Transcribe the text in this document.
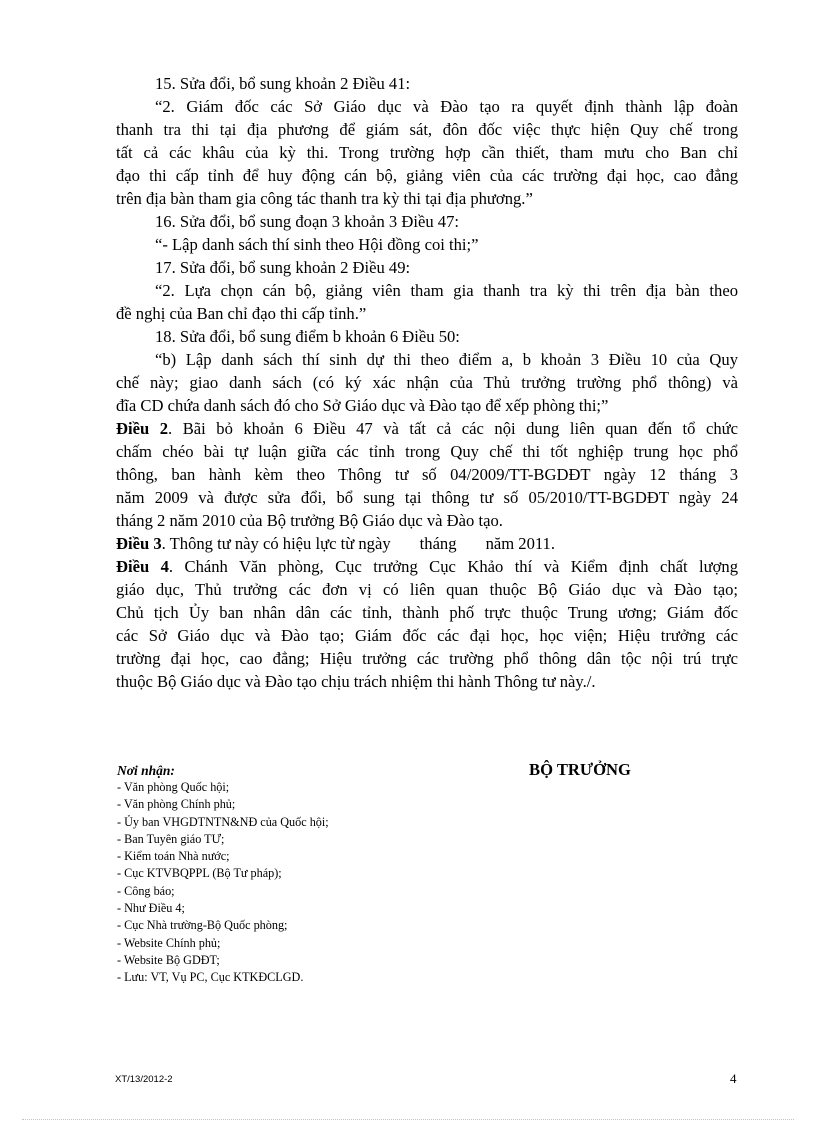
15. Sửa đổi, bổ sung khoản 2 Điều 41:

“2. Giám đốc các Sở Giáo dục và Đào tạo ra quyết định thành lập đoàn
thanh tra thi tại địa phương để giám sát, đôn đốc việc thực hiện Quy chế trong
tất cả các khâu của kỳ thi. Trong trường hợp cần thiết, tham mưu cho Ban chỉ
đạo thi cấp tỉnh để huy động cán bộ, giảng viên của các trường đại học, cao đẳng
trên địa bàn tham gia công tác thanh tra kỳ thi tại địa phương.”

16. Sửa đổi, bổ sung đoạn 3 khoản 3 Điều 47:

“- Lập danh sách thí sinh theo Hội đồng coi thi;”

17. Sửa đổi, bổ sung khoản 2 Điều 49:

“2. Lựa chọn cán bộ, giảng viên tham gia thanh tra kỳ thi trên địa bàn theo
đề nghị của Ban chỉ đạo thi cấp tỉnh.”

18. Sửa đổi, bổ sung điểm b khoản 6 Điều 50:

“b) Lập danh sách thí sinh dự thi theo điểm a, b khoản 3 Điều 10 của Quy
chế này; giao danh sách (có ký xác nhận của Thủ trưởng trường phổ thông) và
đĩa CD chứa danh sách đó cho Sở Giáo dục và Đào tạo để xếp phòng thi;”

Điều 2. Bãi bỏ khoản 6 Điều 47 và tất cả các nội dung liên quan đến tổ chức
chấm chéo bài tự luận giữa các tỉnh trong Quy chế thi tốt nghiệp trung học phổ
thông, ban hành kèm theo Thông tư số 04/2009/TT-BGDĐT ngày 12 tháng 3
năm 2009 và được sửa đổi, bổ sung tại thông tư số 05/2010/TT-BGDĐT ngày 24
tháng 2 năm 2010 của Bộ trưởng Bộ Giáo dục và Đào tạo.

Điều 3. Thông tư này có hiệu lực từ ngày       tháng       năm 2011.

Điều 4. Chánh Văn phòng, Cục trưởng Cục Khảo thí và Kiểm định chất lượng
giáo dục, Thủ trưởng các đơn vị có liên quan thuộc Bộ Giáo dục và Đào tạo;
Chủ tịch Ủy ban nhân dân các tỉnh, thành phố trực thuộc Trung ương; Giám đốc
các Sở Giáo dục và Đào tạo; Giám đốc các đại học, học viện; Hiệu trưởng các
trường đại học, cao đẳng; Hiệu trưởng các trường phổ thông dân tộc nội trú trực
thuộc Bộ Giáo dục và Đào tạo chịu trách nhiệm thi hành Thông tư này./.

Nơi nhận:
- Văn phòng Quốc hội;
- Văn phòng Chính phủ;
- Ủy ban VHGDTNTN&NĐ của Quốc hội;
- Ban Tuyên giáo TƯ;
- Kiểm toán Nhà nước;
- Cục KTVBQPPL (Bộ Tư pháp);
- Công báo;
- Như Điều 4;
- Cục Nhà trường-Bộ Quốc phòng;
- Website Chính phủ;
- Website Bộ GDĐT;
- Lưu: VT, Vụ PC, Cục KTKĐCLGD.
BỘ TRƯỞNG
XT/13/2012-2	4
